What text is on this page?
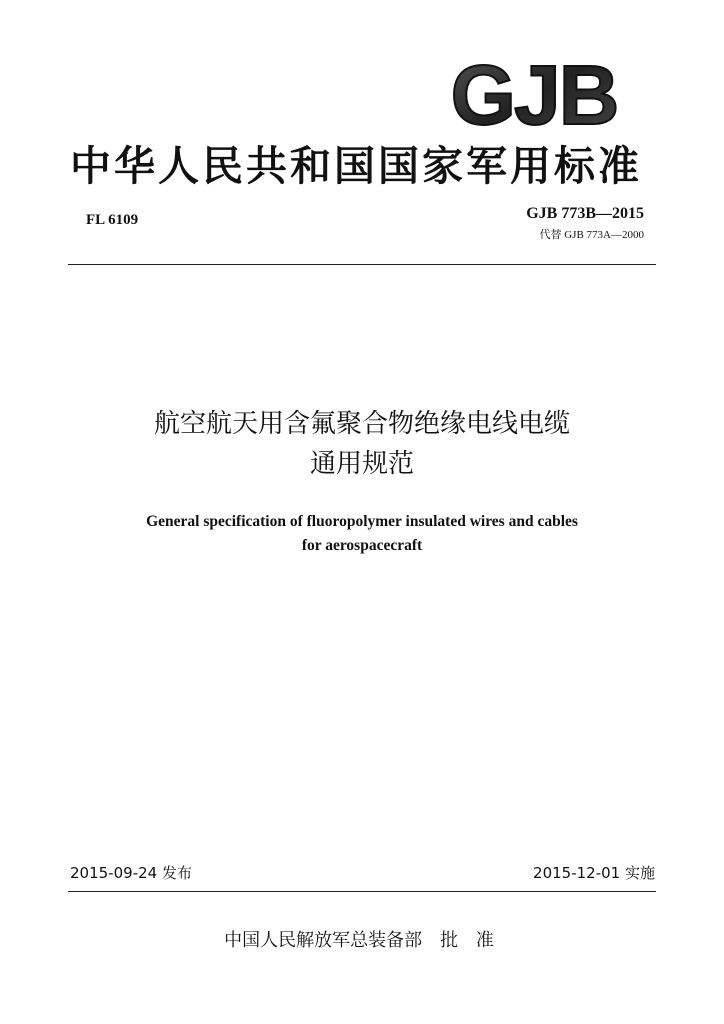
GJB
中华人民共和国国家军用标准
FL 6109	GJB 773B—2015
代替 GJB 773A—2000
航空航天用含氟聚合物绝缘电线电缆
通用规范
General specification of fluoropolymer insulated wires and cables
for aerospacecraft
2015-09-24 发布	2015-12-01 实施
中国人民解放军总装备部 批 准
